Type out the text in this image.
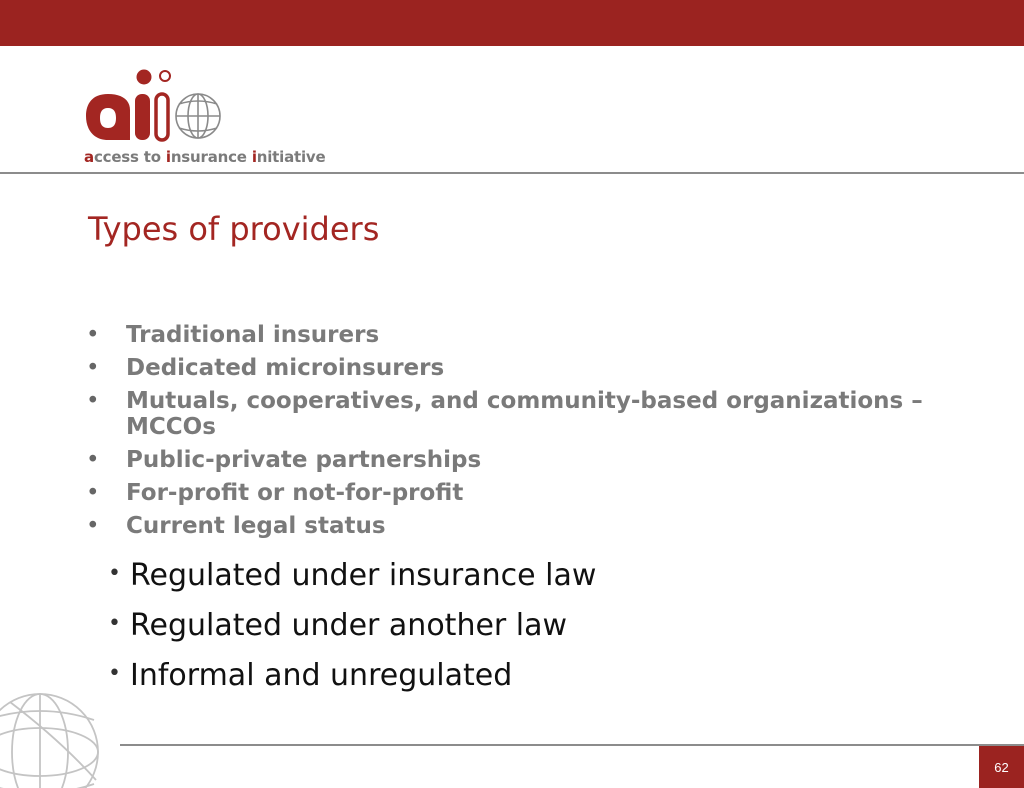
access to insurance initiative
Types of providers
• Traditional insurers
• Dedicated microinsurers
• Mutuals, cooperatives, and community-based organizations – MCCOs
• Public-private partnerships
• For-profit or not-for-profit
• Current legal status
• Regulated under insurance law
• Regulated under another law
• Informal and unregulated
62
